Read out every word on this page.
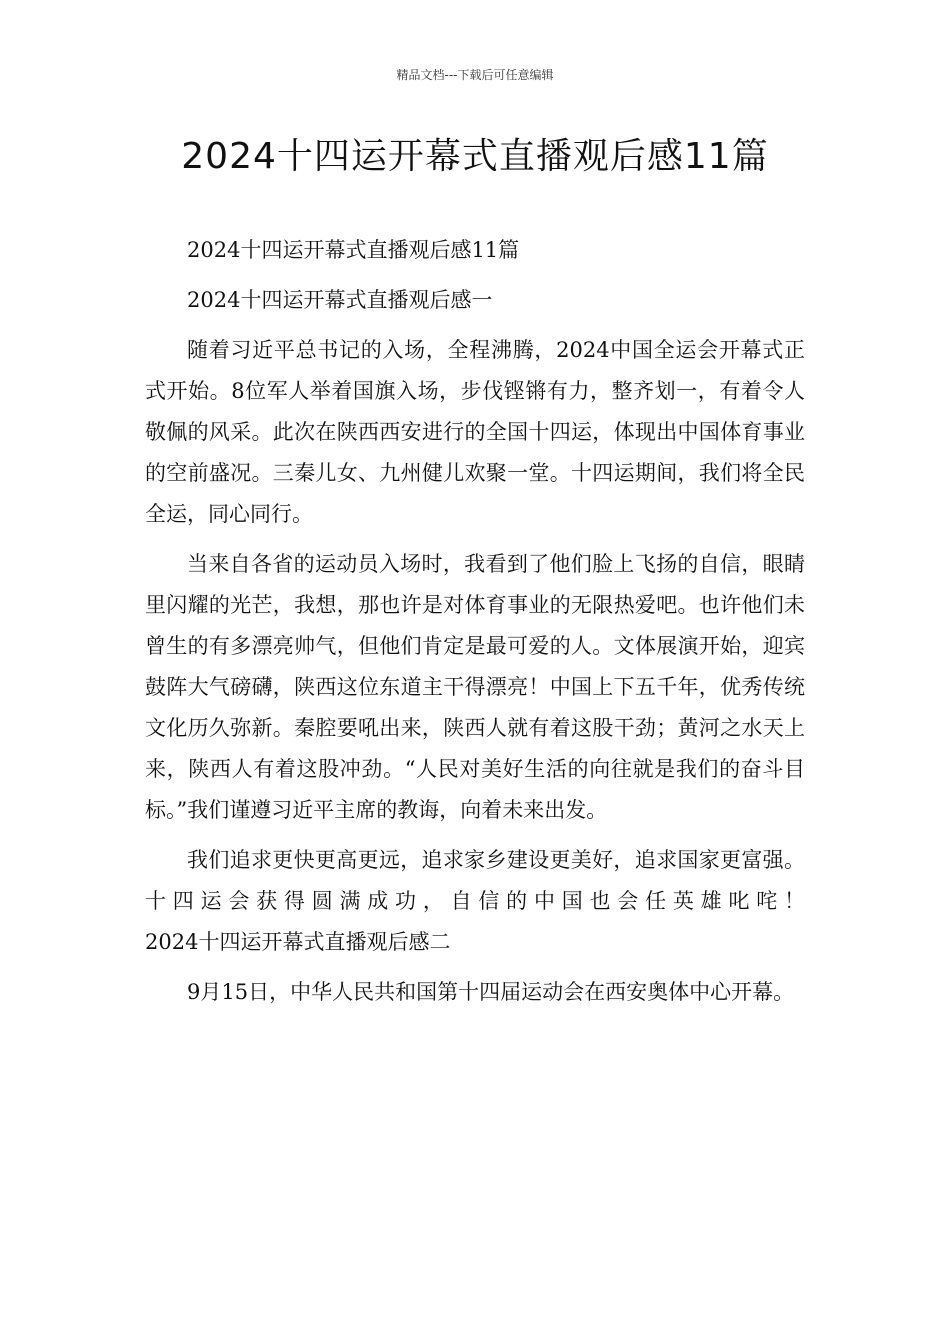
精品文档---下载后可任意编辑
2024十四运开幕式直播观后感11篇

2024十四运开幕式直播观后感11篇

2024十四运开幕式直播观后感一

随着习近平总书记的入场，全程沸腾，2024中国全运会开幕式正式开始。8位军人举着国旗入场，步伐铿锵有力，整齐划一，有着令人敬佩的风采。此次在陕西西安进行的全国十四运，体现出中国体育事业的空前盛况。三秦儿女、九州健儿欢聚一堂。十四运期间，我们将全民全运，同心同行。

当来自各省的运动员入场时，我看到了他们脸上飞扬的自信，眼睛里闪耀的光芒，我想，那也许是对体育事业的无限热爱吧。也许他们未曾生的有多漂亮帅气，但他们肯定是最可爱的人。文体展演开始，迎宾鼓阵大气磅礴，陕西这位东道主干得漂亮！中国上下五千年，优秀传统文化历久弥新。秦腔要吼出来，陕西人就有着这股干劲；黄河之水天上来，陕西人有着这股冲劲。“人民对美好生活的向往就是我们的奋斗目标。”我们谨遵习近平主席的教诲，向着未来出发。

我们追求更快更高更远，追求家乡建设更美好，追求国家更富强。十四运会获得圆满成功，自信的中国也会任英雄叱咤！

2024十四运开幕式直播观后感二

9月15日，中华人民共和国第十四届运动会在西安奥体中心开幕。
